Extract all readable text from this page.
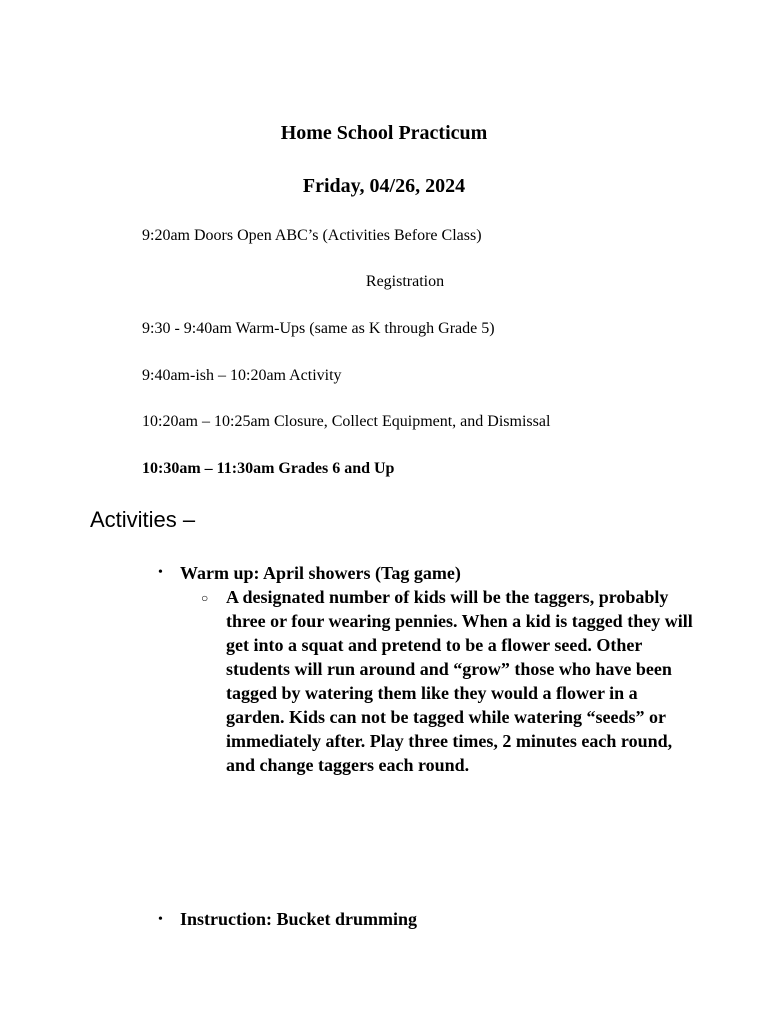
Home School Practicum
Friday, 04/26, 2024
9:20am Doors Open ABC’s (Activities Before Class)
Registration
9:30 - 9:40am Warm-Ups (same as K through Grade 5)
9:40am-ish – 10:20am Activity
10:20am – 10:25am Closure, Collect Equipment, and Dismissal
10:30am – 11:30am Grades 6 and Up
Activities –
• Warm up: April showers (Tag game)
○ A designated number of kids will be the taggers, probably three or four wearing pennies. When a kid is tagged they will get into a squat and pretend to be a flower seed. Other students will run around and “grow” those who have been tagged by watering them like they would a flower in a garden. Kids can not be tagged while watering “seeds” or immediately after. Play three times, 2 minutes each round, and change taggers each round.
• Instruction: Bucket drumming
